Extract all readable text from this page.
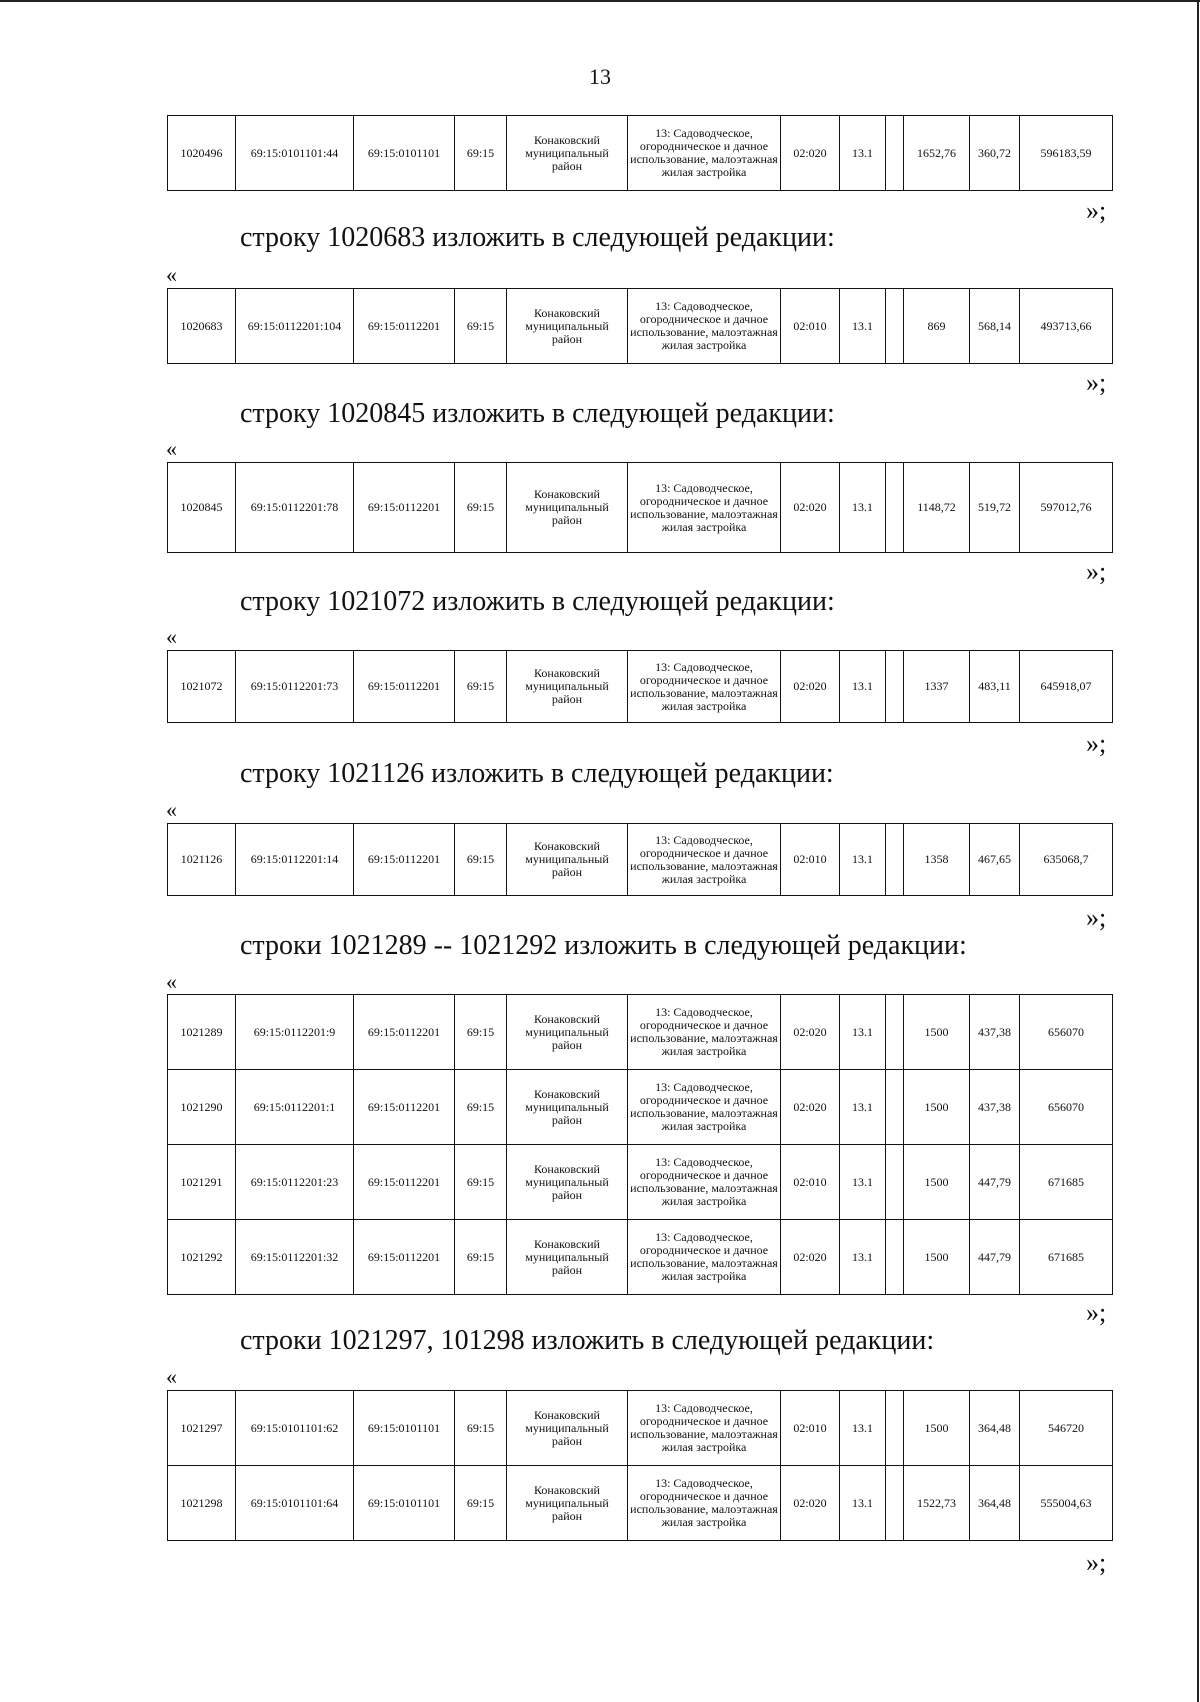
13
1020496	69:15:0101101:44	69:15:0101101	69:15	Конаковский муниципальный район	13: Садоводческое, огородническое и дачное использование, малоэтажная жилая застройка	02:020	13.1		1652,76	360,72	596183,59
»;
строку 1020683 изложить в следующей редакции:
«
1020683	69:15:0112201:104	69:15:0112201	69:15	Конаковский муниципальный район	13: Садоводческое, огородническое и дачное использование, малоэтажная жилая застройка	02:010	13.1		869	568,14	493713,66
»;
строку 1020845 изложить в следующей редакции:
«
1020845	69:15:0112201:78	69:15:0112201	69:15	Конаковский муниципальный район	13: Садоводческое, огородническое и дачное использование, малоэтажная жилая застройка	02:020	13.1		1148,72	519,72	597012,76
»;
строку 1021072 изложить в следующей редакции:
«
1021072	69:15:0112201:73	69:15:0112201	69:15	Конаковский муниципальный район	13: Садоводческое, огородническое и дачное использование, малоэтажная жилая застройка	02:020	13.1		1337	483,11	645918,07
»;
строку 1021126 изложить в следующей редакции:
«
1021126	69:15:0112201:14	69:15:0112201	69:15	Конаковский муниципальный район	13: Садоводческое, огородническое и дачное использование, малоэтажная жилая застройка	02:010	13.1		1358	467,65	635068,7
»;
строки 1021289 -- 1021292 изложить в следующей редакции:
«
1021289	69:15:0112201:9	69:15:0112201	69:15	Конаковский муниципальный район	13: Садоводческое, огородническое и дачное использование, малоэтажная жилая застройка	02:020	13.1		1500	437,38	656070
1021290	69:15:0112201:1	69:15:0112201	69:15	Конаковский муниципальный район	13: Садоводческое, огородническое и дачное использование, малоэтажная жилая застройка	02:020	13.1		1500	437,38	656070
1021291	69:15:0112201:23	69:15:0112201	69:15	Конаковский муниципальный район	13: Садоводческое, огородническое и дачное использование, малоэтажная жилая застройка	02:010	13.1		1500	447,79	671685
1021292	69:15:0112201:32	69:15:0112201	69:15	Конаковский муниципальный район	13: Садоводческое, огородническое и дачное использование, малоэтажная жилая застройка	02:020	13.1		1500	447,79	671685
»;
строки 1021297, 101298 изложить в следующей редакции:
«
1021297	69:15:0101101:62	69:15:0101101	69:15	Конаковский муниципальный район	13: Садоводческое, огородническое и дачное использование, малоэтажная жилая застройка	02:010	13.1		1500	364,48	546720
1021298	69:15:0101101:64	69:15:0101101	69:15	Конаковский муниципальный район	13: Садоводческое, огородническое и дачное использование, малоэтажная жилая застройка	02:020	13.1		1522,73	364,48	555004,63
»;
